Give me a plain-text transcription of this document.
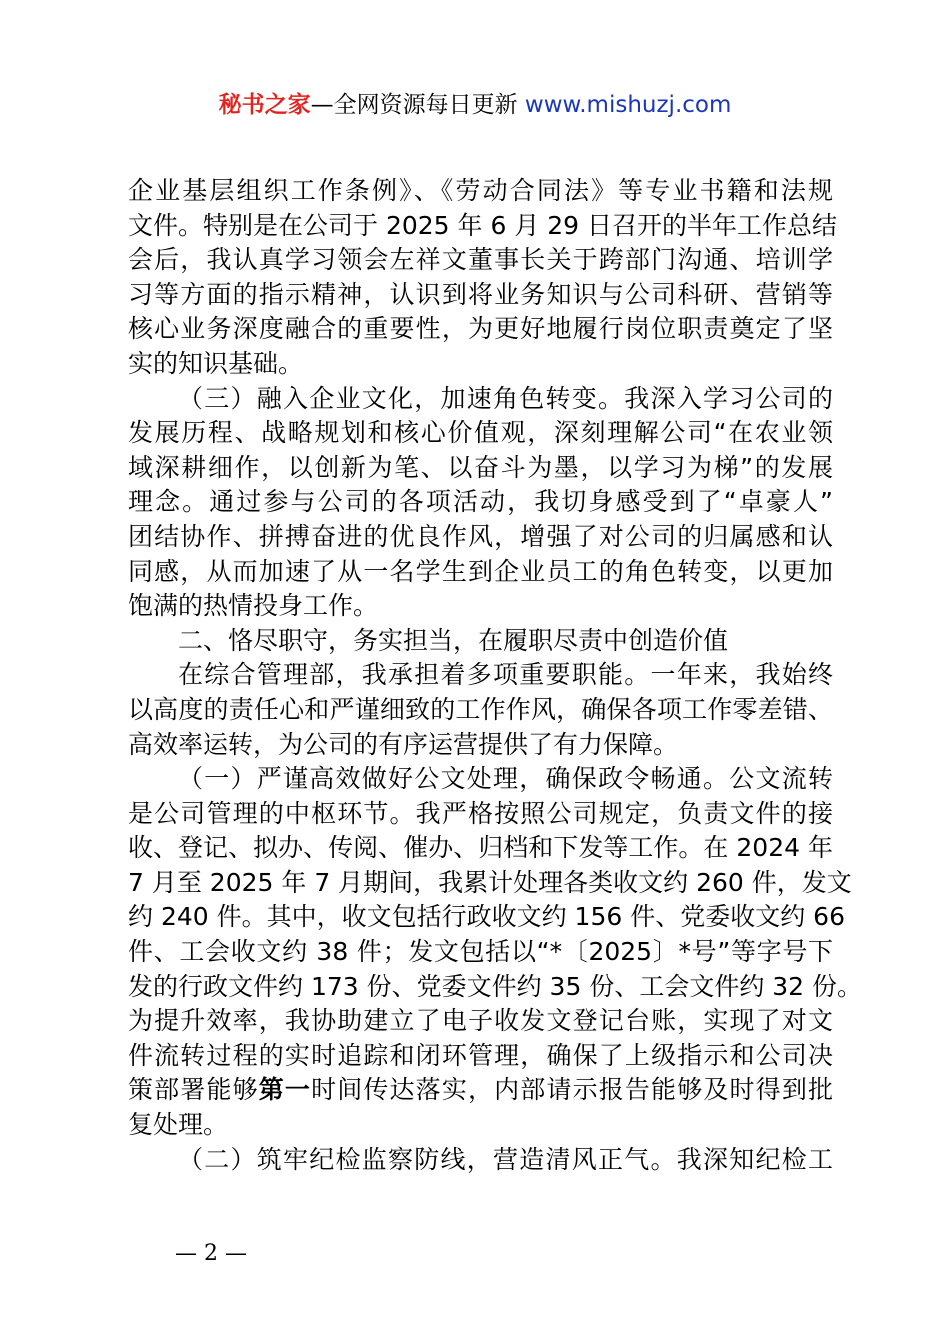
秘书之家—全网资源每日更新 www.mishuzj.com
企业基层组织工作条例》、《劳动合同法》等专业书籍和法规
文件。特别是在公司于 2025 年 6 月 29 日召开的半年工作总结
会后，我认真学习领会左祥文董事长关于跨部门沟通、培训学
习等方面的指示精神，认识到将业务知识与公司科研、营销等
核心业务深度融合的重要性，为更好地履行岗位职责奠定了坚
实的知识基础。
（三）融入企业文化，加速角色转变。我深入学习公司的
发展历程、战略规划和核心价值观，深刻理解公司“在农业领
域深耕细作，以创新为笔、以奋斗为墨，以学习为梯”的发展
理念。通过参与公司的各项活动，我切身感受到了“卓豪人”
团结协作、拼搏奋进的优良作风，增强了对公司的归属感和认
同感，从而加速了从一名学生到企业员工的角色转变，以更加
饱满的热情投身工作。
二、恪尽职守，务实担当，在履职尽责中创造价值
在综合管理部，我承担着多项重要职能。一年来，我始终
以高度的责任心和严谨细致的工作作风，确保各项工作零差错、
高效率运转，为公司的有序运营提供了有力保障。
（一）严谨高效做好公文处理，确保政令畅通。公文流转
是公司管理的中枢环节。我严格按照公司规定，负责文件的接
收、登记、拟办、传阅、催办、归档和下发等工作。在 2024 年
7 月至 2025 年 7 月期间，我累计处理各类收文约 260 件，发文
约 240 件。其中，收文包括行政收文约 156 件、党委收文约 66
件、工会收文约 38 件；发文包括以“*〔2025〕*号”等字号下
发的行政文件约 173 份、党委文件约 35 份、工会文件约 32 份。
为提升效率，我协助建立了电子收发文登记台账，实现了对文
件流转过程的实时追踪和闭环管理，确保了上级指示和公司决
策部署能够第一时间传达落实，内部请示报告能够及时得到批
复处理。
（二）筑牢纪检监察防线，营造清风正气。我深知纪检工
— 2 —
